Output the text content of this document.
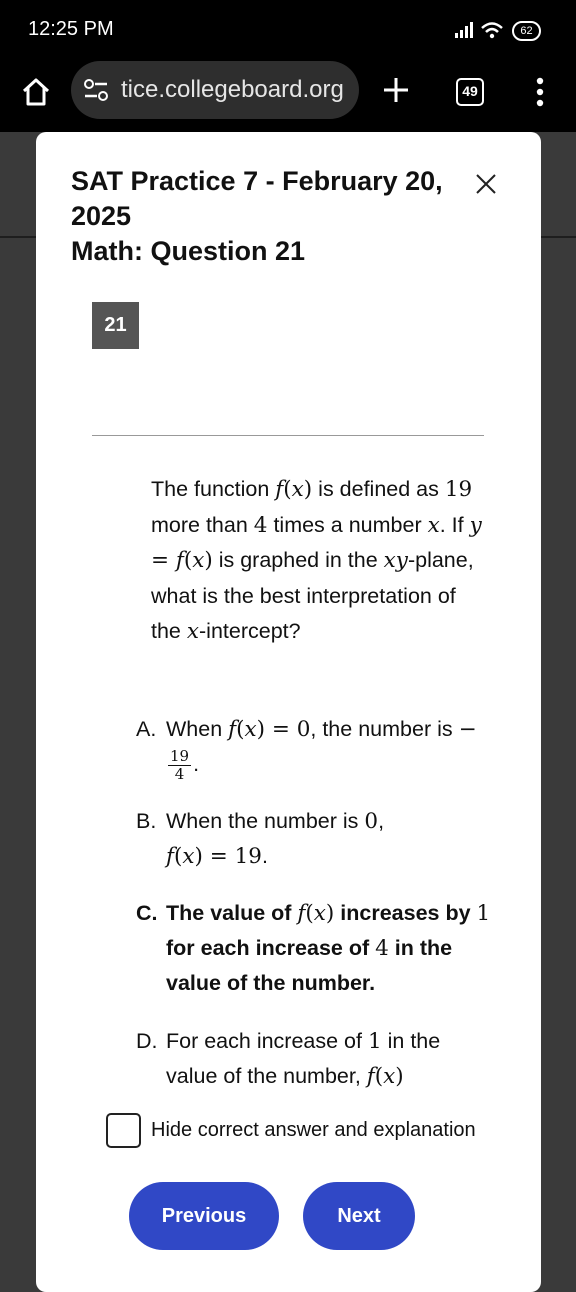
12:25 PM	62
tice.collegeboard.org	49
SAT Practice 7 - February 20, 2025
Math: Question 21
21
The function f(x) is defined as 19 more than 4 times a number x. If y = f(x) is graphed in the xy-plane, what is the best interpretation of the x-intercept?
A. When f(x) = 0, the number is −
$\frac{19}{4}$ .
B. When the number is 0,
f(x) = 19.
C. The value of f(x) increases by 1 for each increase of 4 in the value of the number.
D. For each increase of 1 in the value of the number, f(x)
Hide correct answer and explanation
Previous	Next
